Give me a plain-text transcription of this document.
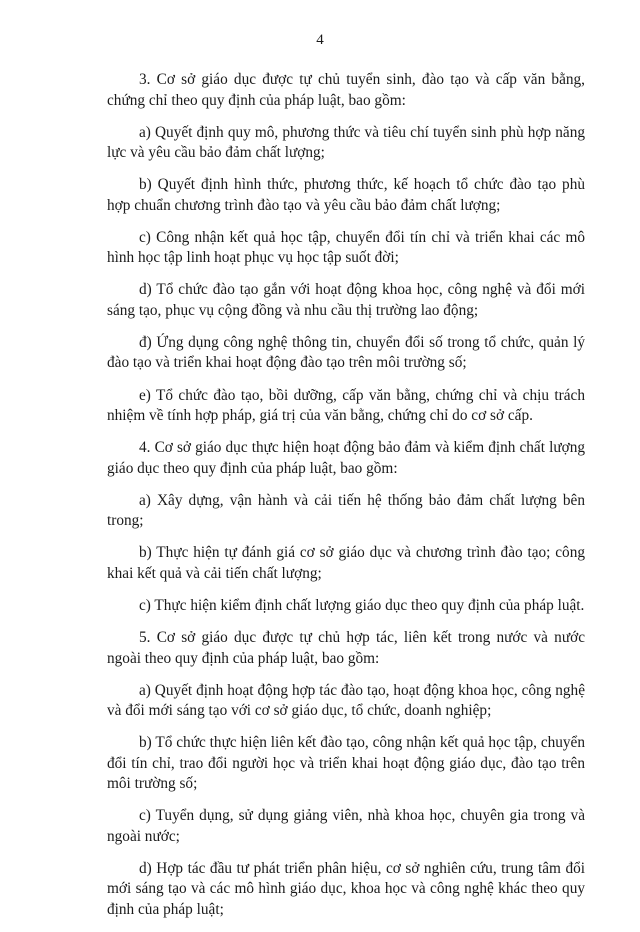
4

3. Cơ sở giáo dục được tự chủ tuyển sinh, đào tạo và cấp văn bằng, chứng chỉ theo quy định của pháp luật, bao gồm:

a) Quyết định quy mô, phương thức và tiêu chí tuyển sinh phù hợp năng lực và yêu cầu bảo đảm chất lượng;

b) Quyết định hình thức, phương thức, kế hoạch tổ chức đào tạo phù hợp chuẩn chương trình đào tạo và yêu cầu bảo đảm chất lượng;

c) Công nhận kết quả học tập, chuyển đổi tín chỉ và triển khai các mô hình học tập linh hoạt phục vụ học tập suốt đời;

d) Tổ chức đào tạo gắn với hoạt động khoa học, công nghệ và đổi mới sáng tạo, phục vụ cộng đồng và nhu cầu thị trường lao động;

đ) Ứng dụng công nghệ thông tin, chuyển đổi số trong tổ chức, quản lý đào tạo và triển khai hoạt động đào tạo trên môi trường số;

e) Tổ chức đào tạo, bồi dưỡng, cấp văn bằng, chứng chỉ và chịu trách nhiệm về tính hợp pháp, giá trị của văn bằng, chứng chỉ do cơ sở cấp.

4. Cơ sở giáo dục thực hiện hoạt động bảo đảm và kiểm định chất lượng giáo dục theo quy định của pháp luật, bao gồm:

a) Xây dựng, vận hành và cải tiến hệ thống bảo đảm chất lượng bên trong;

b) Thực hiện tự đánh giá cơ sở giáo dục và chương trình đào tạo; công khai kết quả và cải tiến chất lượng;

c) Thực hiện kiểm định chất lượng giáo dục theo quy định của pháp luật.

5. Cơ sở giáo dục được tự chủ hợp tác, liên kết trong nước và nước ngoài theo quy định của pháp luật, bao gồm:

a) Quyết định hoạt động hợp tác đào tạo, hoạt động khoa học, công nghệ và đổi mới sáng tạo với cơ sở giáo dục, tổ chức, doanh nghiệp;

b) Tổ chức thực hiện liên kết đào tạo, công nhận kết quả học tập, chuyển đổi tín chỉ, trao đổi người học và triển khai hoạt động giáo dục, đào tạo trên môi trường số;

c) Tuyển dụng, sử dụng giảng viên, nhà khoa học, chuyên gia trong và ngoài nước;

d) Hợp tác đầu tư phát triển phân hiệu, cơ sở nghiên cứu, trung tâm đổi mới sáng tạo và các mô hình giáo dục, khoa học và công nghệ khác theo quy định của pháp luật;
